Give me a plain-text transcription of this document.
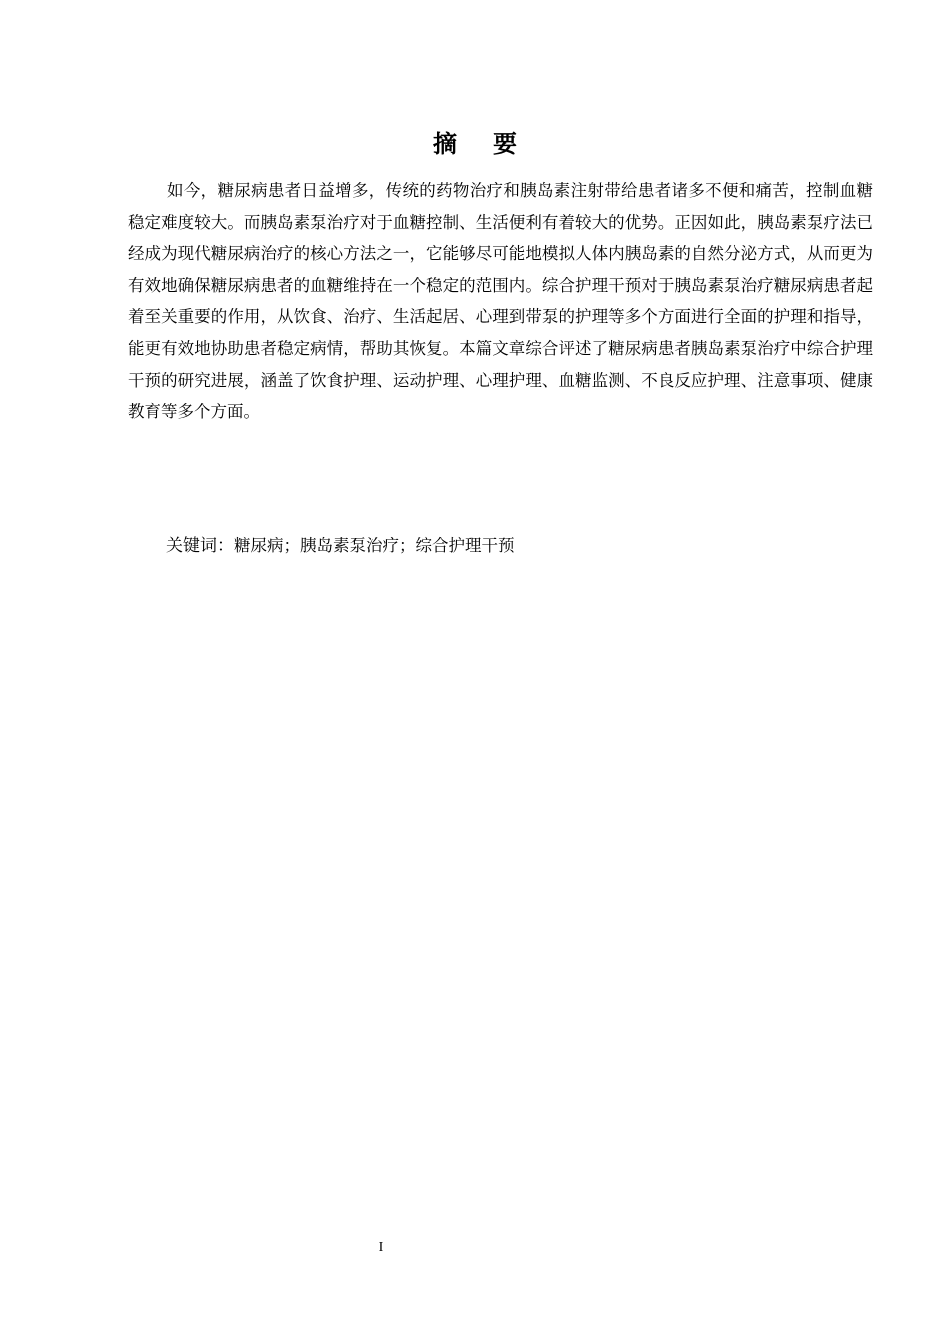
摘要

如今，糖尿病患者日益增多，传统的药物治疗和胰岛素注射带给患者诸多不便和痛苦，控制血糖稳定难度较大。而胰岛素泵治疗对于血糖控制、生活便利有着较大的优势。正因如此，胰岛素泵疗法已经成为现代糖尿病治疗的核心方法之一，它能够尽可能地模拟人体内胰岛素的自然分泌方式，从而更为有效地确保糖尿病患者的血糖维持在一个稳定的范围内。综合护理干预对于胰岛素泵治疗糖尿病患者起着至关重要的作用，从饮食、治疗、生活起居、心理到带泵的护理等多个方面进行全面的护理和指导，能更有效地协助患者稳定病情，帮助其恢复。本篇文章综合评述了糖尿病患者胰岛素泵治疗中综合护理干预的研究进展，涵盖了饮食护理、运动护理、心理护理、血糖监测、不良反应护理、注意事项、健康教育等多个方面。

关键词：糖尿病；胰岛素泵治疗；综合护理干预

I
